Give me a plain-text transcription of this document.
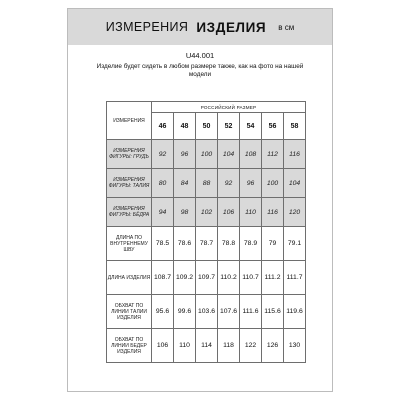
ИЗМЕРЕНИЯ ИЗДЕЛИЯ в см
U44.001
Изделие будет сидеть в любом размере также, как на фото на нашей модели
ИЗМЕРЕНИЯ	РОССИЙСКИЙ РАЗМЕР						
	46	48	50	52	54	56	58

ИЗМЕРЕНИЯ
ФИГУРЫ: ГРУДЬ	92	96	100	104	108	112	116

ИЗМЕРЕНИЯ
ФИГУРЫ: ТАЛИЯ	80	84	88	92	96	100	104

ИЗМЕРЕНИЯ
ФИГУРЫ: БЁДРА	94	98	102	106	110	116	120

ДЛИНА ПО
ВНУТРЕННЕМУ
ШВУ	78.5	78.6	78.7	78.8	78.9	79	79.1

ДЛИНА ИЗДЕЛИЯ	108.7	109.2	109.7	110.2	110.7	111.2	111.7

ОБХВАТ ПО
ЛИНИИ ТАЛИИ
ИЗДЕЛИЯ	95.6	99.6	103.6	107.6	111.6	115.6	119.6

ОБХВАТ ПО
ЛИНИИ БЕДЕР
ИЗДЕЛИЯ	106	110	114	118	122	126	130
